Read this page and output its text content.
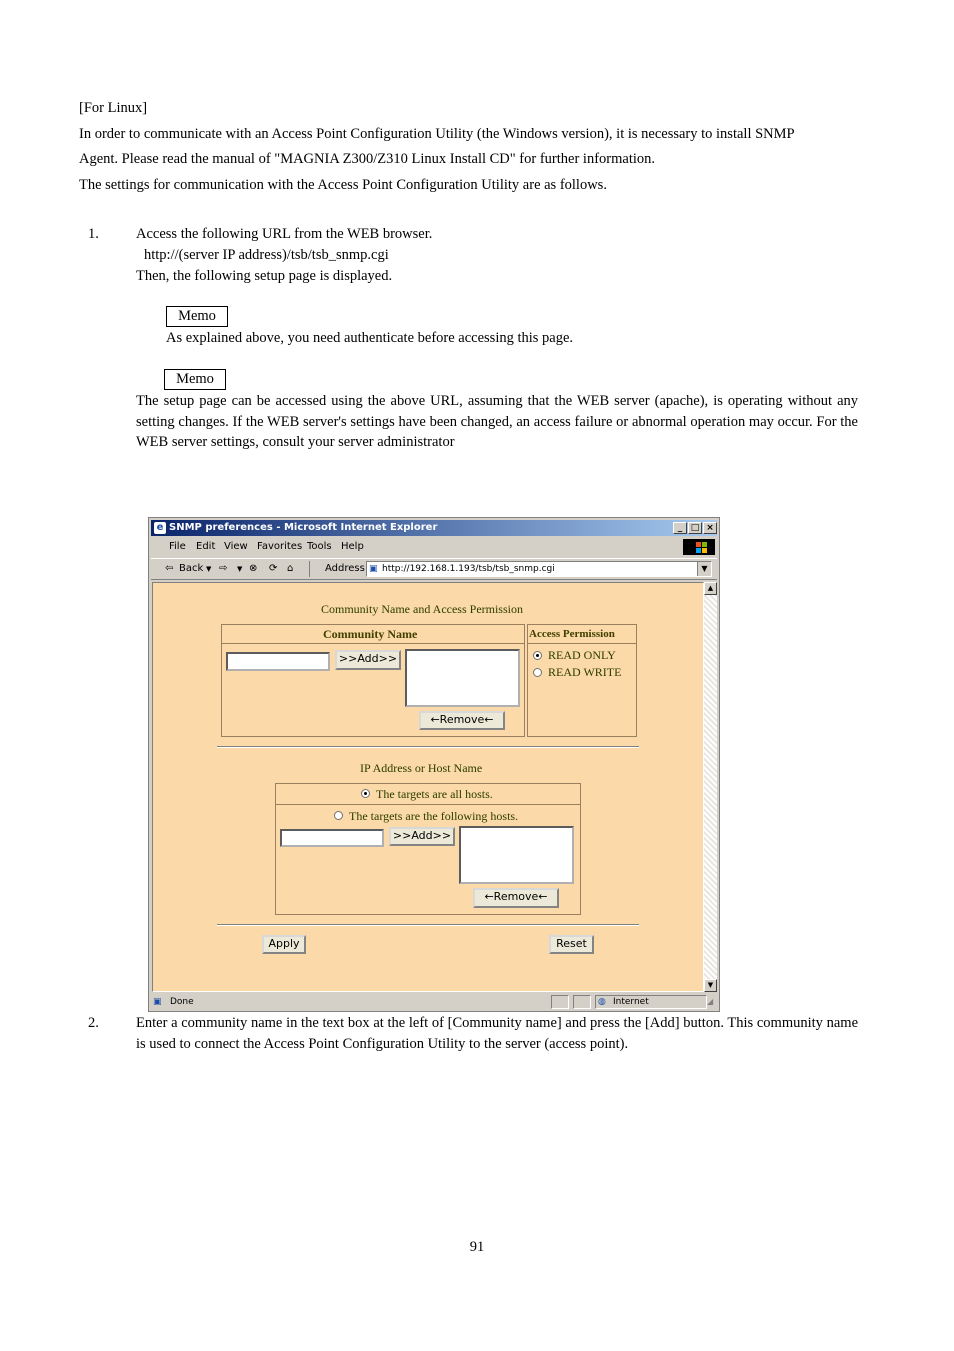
[For Linux]
In order to communicate with an Access Point Configuration Utility (the Windows version), it is necessary to install SNMP
Agent. Please read the manual of "MAGNIA Z300/Z310 Linux Install CD" for further information.
The settings for communication with the Access Point Configuration Utility are as follows.
1.	Access the following URL from the WEB browser.
http://(server IP address)/tsb/tsb_snmp.cgi
Then, the following setup page is displayed.
Memo
As explained above, you need authenticate before accessing this page.
Memo
The setup page can be accessed using the above URL, assuming that the WEB server (apache), is operating without any setting changes. If the WEB server's settings have been changed, an access failure or abnormal operation may occur. For the WEB server settings, consult your server administrator
e SNMP preferences - Microsoft Internet Explorer	_ □ ×
File Edit View Favorites Tools Help
⇦ Back ▼ ⇨ ▼ ⊗ ⟳ ⌂	Address ▣ http://192.168.1.193/tsb/tsb_snmp.cgi	▼
Community Name and Access Permission
Community Name	Access Permission
>>Add>>
←Remove←
READ ONLY
READ WRITE
IP Address or Host Name
The targets are all hosts.
The targets are the following hosts.
>>Add>>
←Remove←
Apply	Reset
▲
▼
▣ Done	◍ Internet	◢
2.	Enter a community name in the text box at the left of [Community name] and press the [Add] button. This community name is used to connect the Access Point Configuration Utility to the server (access point).
91
